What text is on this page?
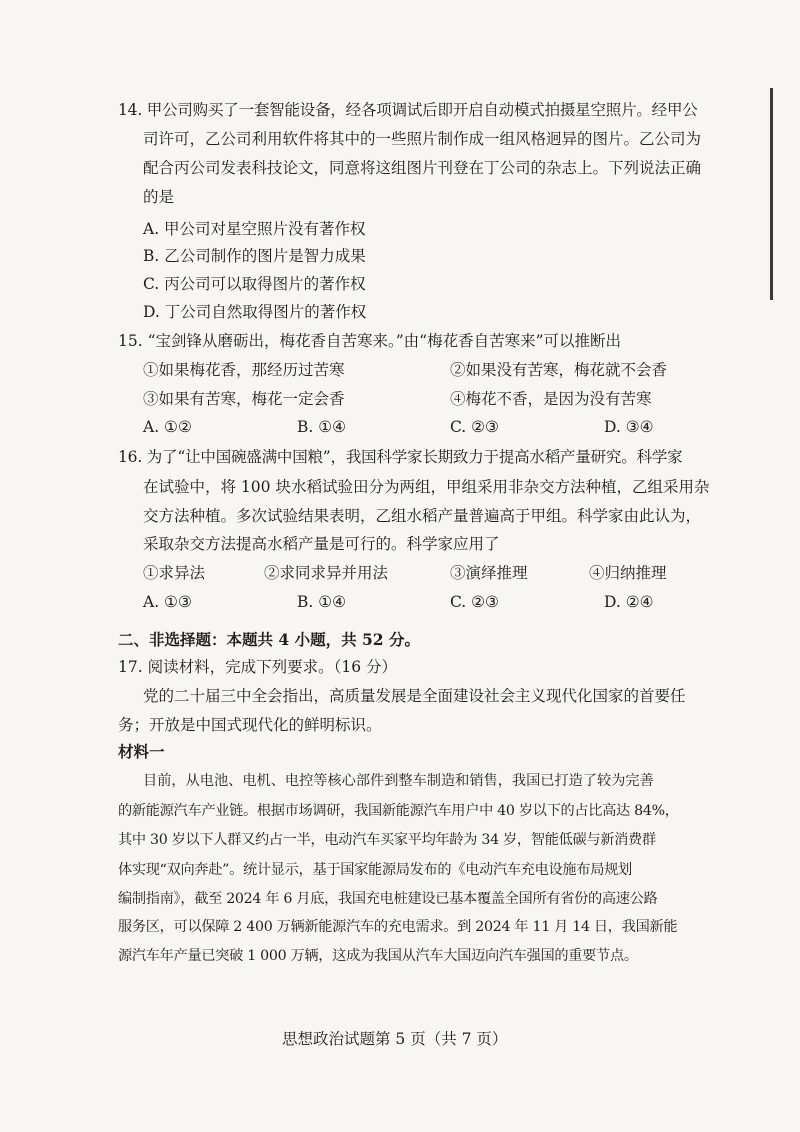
14. 甲公司购买了一套智能设备，经各项调试后即开启自动模式拍摄星空照片。经甲公
司许可，乙公司利用软件将其中的一些照片制作成一组风格迥异的图片。乙公司为
配合丙公司发表科技论文，同意将这组图片刊登在丁公司的杂志上。下列说法正确
的是
A. 甲公司对星空照片没有著作权
B. 乙公司制作的图片是智力成果
C. 丙公司可以取得图片的著作权
D. 丁公司自然取得图片的著作权
15. “宝剑锋从磨砺出，梅花香自苦寒来。”由“梅花香自苦寒来”可以推断出
①如果梅花香，那经历过苦寒	②如果没有苦寒，梅花就不会香
③如果有苦寒，梅花一定会香	④梅花不香，是因为没有苦寒
A. ①②	B. ①④	C. ②③	D. ③④
16. 为了“让中国碗盛满中国粮”，我国科学家长期致力于提高水稻产量研究。科学家
在试验中，将 100 块水稻试验田分为两组，甲组采用非杂交方法种植，乙组采用杂
交方法种植。多次试验结果表明，乙组水稻产量普遍高于甲组。科学家由此认为，
采取杂交方法提高水稻产量是可行的。科学家应用了
①求异法	②求同求异并用法	③演绎推理	④归纳推理
A. ①③	B. ①④	C. ②③	D. ②④
二、非选择题：本题共 4 小题，共 52 分。
17. 阅读材料，完成下列要求。（16 分）
党的二十届三中全会指出，高质量发展是全面建设社会主义现代化国家的首要任
务；开放是中国式现代化的鲜明标识。
材料一
目前，从电池、电机、电控等核心部件到整车制造和销售，我国已打造了较为完善
的新能源汽车产业链。根据市场调研，我国新能源汽车用户中 40 岁以下的占比高达 84%，
其中 30 岁以下人群又约占一半，电动汽车买家平均年龄为 34 岁，智能低碳与新消费群
体实现“双向奔赴”。统计显示，基于国家能源局发布的《电动汽车充电设施布局规划
编制指南》，截至 2024 年 6 月底，我国充电桩建设已基本覆盖全国所有省份的高速公路
服务区，可以保障 2 400 万辆新能源汽车的充电需求。到 2024 年 11 月 14 日，我国新能
源汽车年产量已突破 1 000 万辆，这成为我国从汽车大国迈向汽车强国的重要节点。
思想政治试题第 5 页（共 7 页）
